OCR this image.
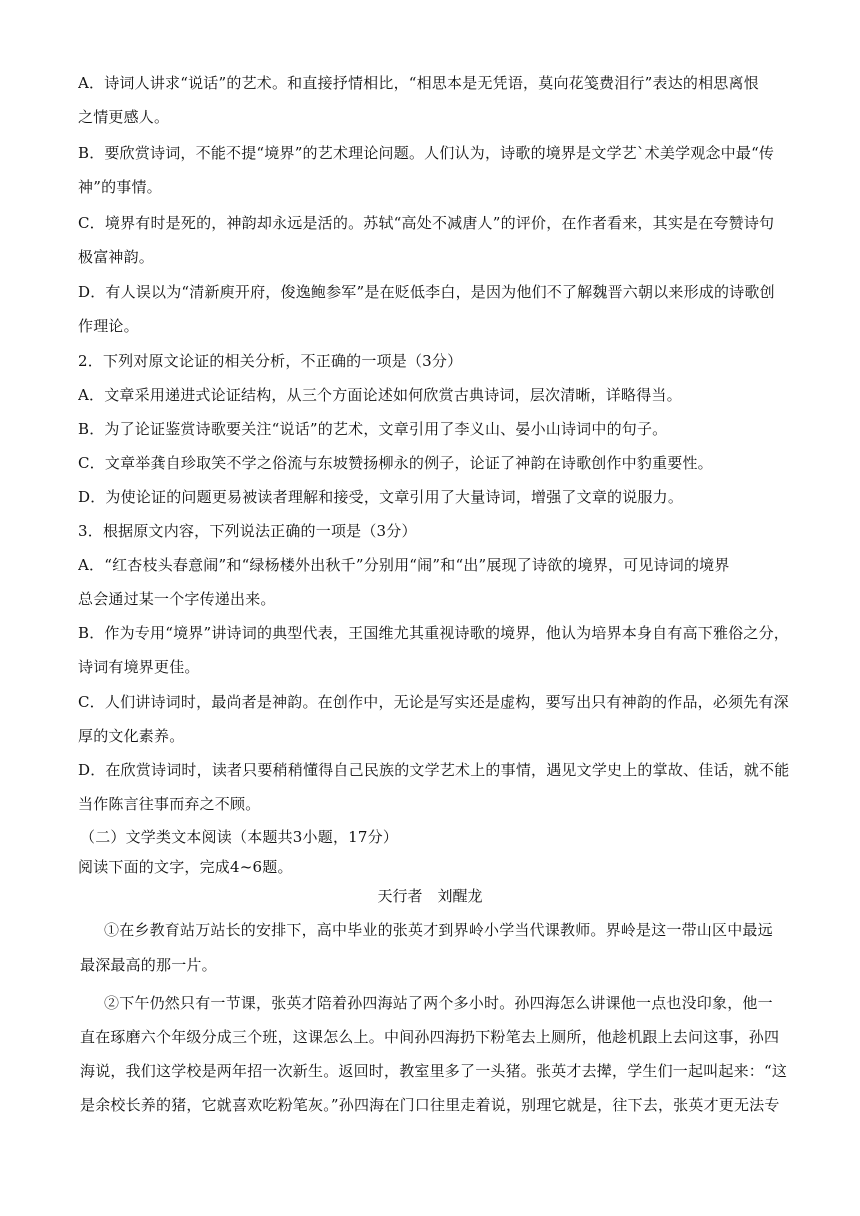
A．诗词人讲求“说话”的艺术。和直接抒情相比，“相思本是无凭语，莫向花笺费泪行”表达的相思离恨
之情更感人。
B．要欣赏诗词，不能不提“境界”的艺术理论问题。人们认为，诗歌的境界是文学艺`术美学观念中最“传
神”的事情。
C．境界有时是死的，神韵却永远是活的。苏轼“高处不减唐人”的评价，在作者看来，其实是在夸赞诗句
极富神韵。
D．有人误以为“清新庾开府，俊逸鲍参军”是在贬低李白，是因为他们不了解魏晋六朝以来形成的诗歌创
作理论。
2．下列对原文论证的相关分析，不正确的一项是（3分）
A．文章采用递进式论证结构，从三个方面论述如何欣赏古典诗词，层次清晰，详略得当。
B．为了论证鉴赏诗歌要关注“说话”的艺术，文章引用了李义山、晏小山诗词中的句子。
C．文章举龚自珍取笑不学之俗流与东坡赞扬柳永的例子，论证了神韵在诗歌创作中豹重要性。
D．为使论证的问题更易被读者理解和接受，文章引用了大量诗词，增强了文章的说服力。
3．根据原文内容，下列说法正确的一项是（3分）
A．“红杏枝头春意闹”和“绿杨楼外出秋千”分别用“闹”和“出”展现了诗欲的境界，可见诗词的境界
总会通过某一个字传递出来。
B．作为专用“境界”讲诗词的典型代表，王国维尤其重视诗歌的境界，他认为培界本身自有高下雅俗之分，
诗词有境界更佳。
C．人们讲诗词时，最尚者是神韵。在创作中，无论是写实还是虚构，要写出只有神韵的作品，必须先有深
厚的文化素养。
D．在欣赏诗词时，读者只要稍稍懂得自己民族的文学艺术上的事情，遇见文学史上的掌故、佳话，就不能
当作陈言往事而弃之不顾。
（二）文学类文本阅读（本题共3小题，17分）
阅读下面的文字，完成4~6题。
天行者　刘醒龙
①在乡教育站万站长的安排下，高中毕业的张英才到界岭小学当代课教师。界岭是这一带山区中最远
最深最高的那一片。
②下午仍然只有一节课，张英才陪着孙四海站了两个多小时。孙四海怎么讲课他一点也没印象，他一
直在琢磨六个年级分成三个班，这课怎么上。中间孙四海扔下粉笔去上厕所，他趁机跟上去问这事，孙四
海说，我们这学校是两年招一次新生。返回时，教室里多了一头猪。张英才去撵，学生们一起叫起来：“这
是余校长养的猪，它就喜欢吃粉笔灰。”孙四海在门口往里走着说，别理它就是，往下去，张英才更无法专
